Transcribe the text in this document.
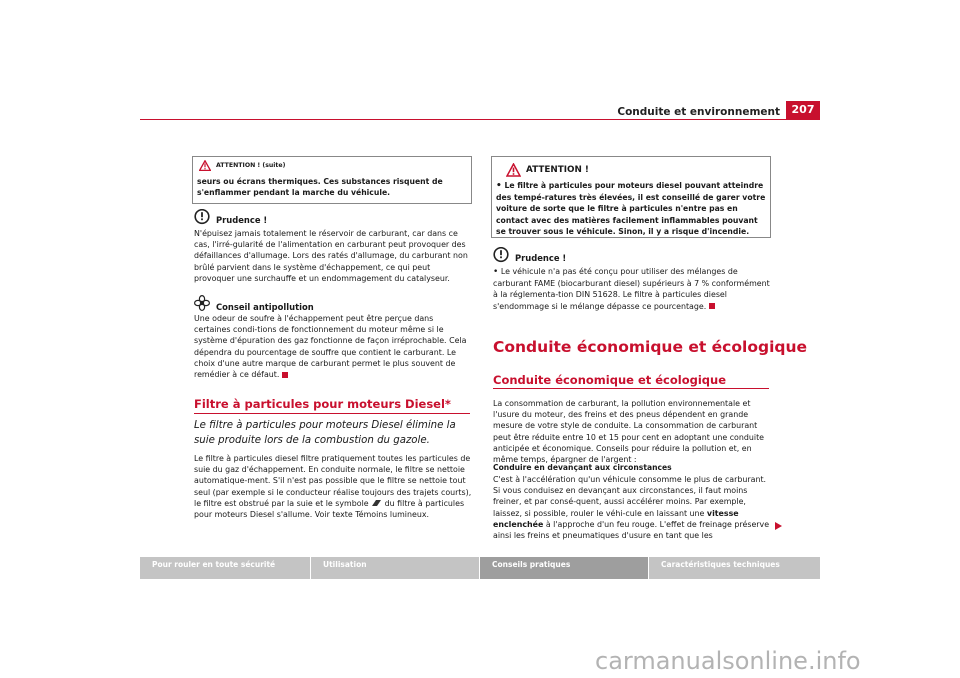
Conduite et environnement	207
ATTENTION ! (suite)
seurs ou écrans thermiques. Ces substances risquent de s'enflammer pendant la marche du véhicule.
Prudence !
N'épuisez jamais totalement le réservoir de carburant, car dans ce cas, l'irré-gularité de l'alimentation en carburant peut provoquer des défaillances d'allumage. Lors des ratés d'allumage, du carburant non brûlé parvient dans le système d'échappement, ce qui peut provoquer une surchauffe et un endommagement du catalyseur.
Conseil antipollution
Une odeur de soufre à l'échappement peut être perçue dans certaines condi-tions de fonctionnement du moteur même si le système d'épuration des gaz fonctionne de façon irréprochable. Cela dépendra du pourcentage de souffre que contient le carburant. Le choix d'une autre marque de carburant permet le plus souvent de remédier à ce défaut.
Filtre à particules pour moteurs Diesel*
Le filtre à particules pour moteurs Diesel élimine la suie produite lors de la combustion du gazole.
Le filtre à particules diesel filtre pratiquement toutes les particules de suie du gaz d'échappement. En conduite normale, le filtre se nettoie automatique-ment. S'il n'est pas possible que le filtre se nettoie tout seul (par exemple si le conducteur réalise toujours des trajets courts), le filtre est obstrué par la suie et le symbole du filtre à particules pour moteurs Diesel s'allume. Voir texte Témoins lumineux.
ATTENTION !
• Le filtre à particules pour moteurs diesel pouvant atteindre des tempé-ratures très élevées, il est conseillé de garer votre voiture de sorte que le filtre à particules n'entre pas en contact avec des matières facilement inflammables pouvant se trouver sous le véhicule. Sinon, il y a risque d'incendie.
Prudence !
• Le véhicule n'a pas été conçu pour utiliser des mélanges de carburant FAME (biocarburant diesel) supérieurs à 7 % conformément à la réglementa-tion DIN 51628. Le filtre à particules diesel s'endommage si le mélange dépasse ce pourcentage.
Conduite économique et écologique
Conduite économique et écologique
La consommation de carburant, la pollution environnementale et l'usure du moteur, des freins et des pneus dépendent en grande mesure de votre style de conduite. La consommation de carburant peut être réduite entre 10 et 15 pour cent en adoptant une conduite anticipée et économique. Conseils pour réduire la pollution et, en même temps, épargner de l'argent :
Conduire en devançant aux circonstances
C'est à l'accélération qu'un véhicule consomme le plus de carburant. Si vous conduisez en devançant aux circonstances, il faut moins freiner, et par consé-quent, aussi accélérer moins. Par exemple, laissez, si possible, rouler le véhi-cule en laissant une vitesse enclenchée à l'approche d'un feu rouge. L'effet de freinage préserve ainsi les freins et pneumatiques d'usure en tant que les
Pour rouler en toute sécurité	Utilisation	Conseils pratiques	Caractéristiques techniques
carmanualsonline.info
